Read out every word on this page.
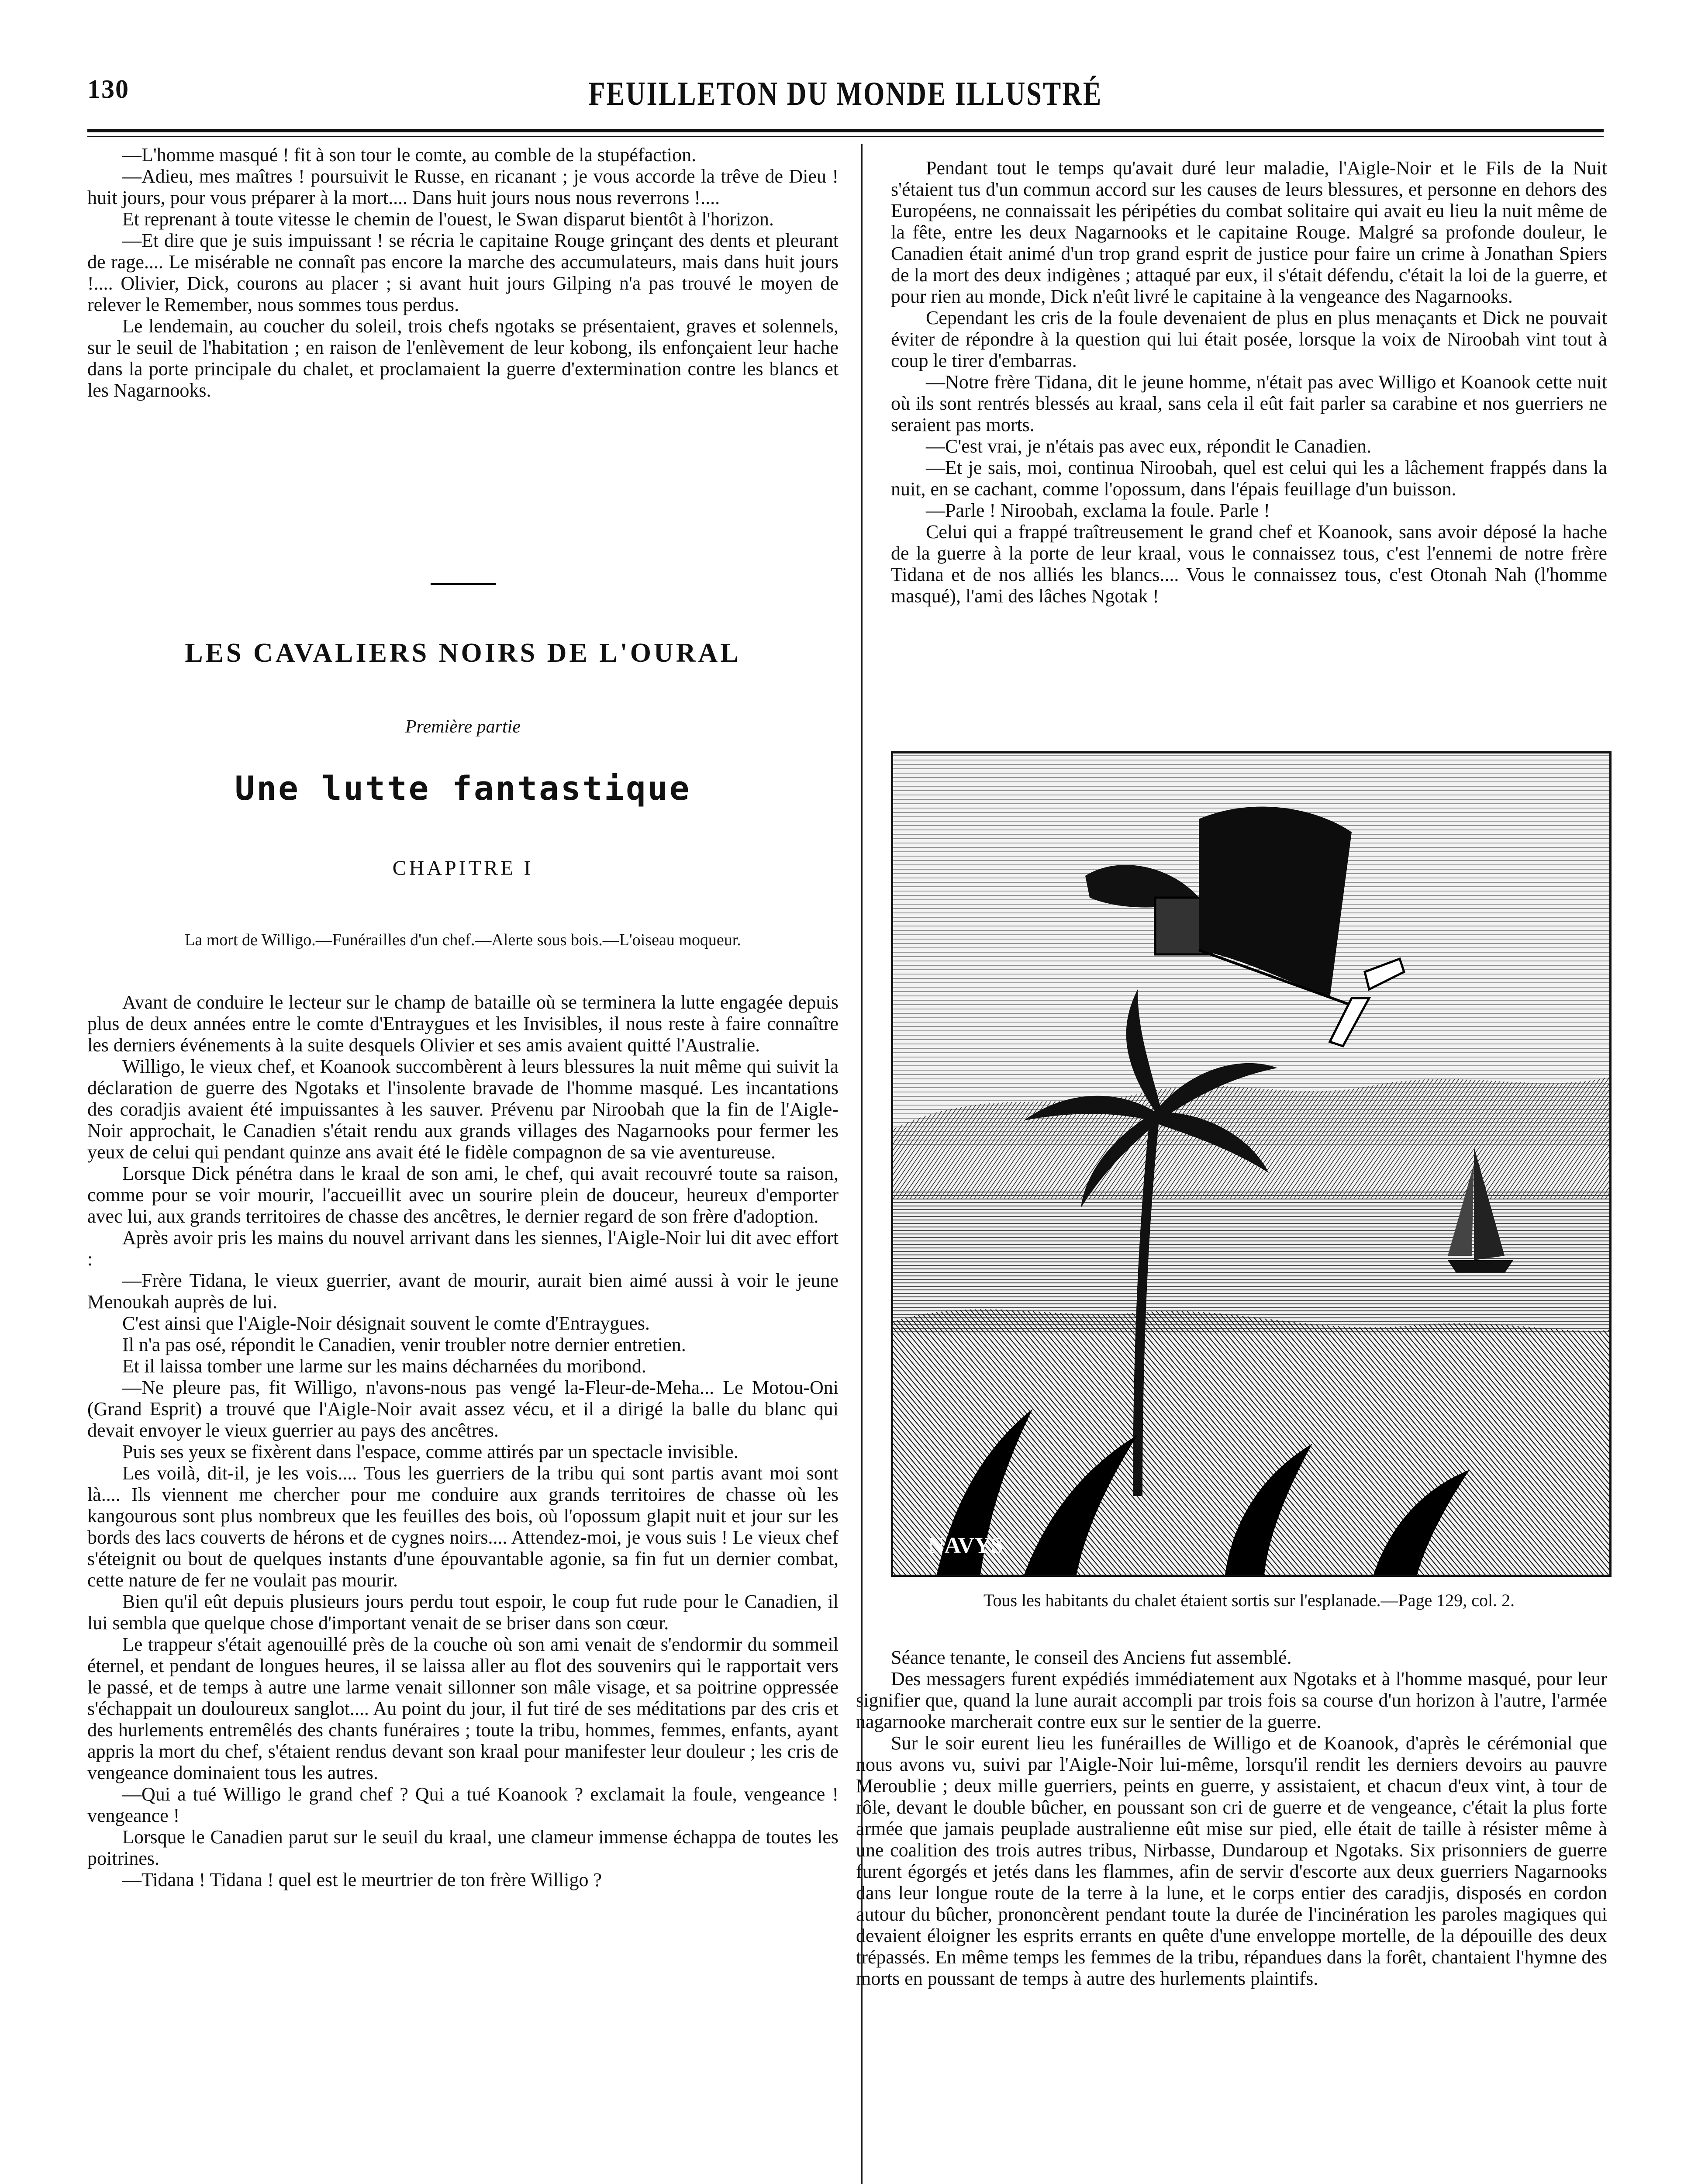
130	FEUILLETON DU MONDE ILLUSTRÉ

—L'homme masqué ! fit à son tour le comte, au comble de la stupéfaction.

—Adieu, mes maîtres ! poursuivit le Russe, en ricanant ; je vous accorde la trêve de Dieu ! huit jours, pour vous préparer à la mort.... Dans huit jours nous nous reverrons !....

Et reprenant à toute vitesse le chemin de l'ouest, le Swan disparut bientôt à l'horizon.

—Et dire que je suis impuissant ! se récria le capitaine Rouge grinçant des dents et pleurant de rage.... Le misérable ne connaît pas encore la marche des accumulateurs, mais dans huit jours !.... Olivier, Dick, courons au placer ; si avant huit jours Gilping n'a pas trouvé le moyen de relever le Remember, nous sommes tous perdus.

Le lendemain, au coucher du soleil, trois chefs ngotaks se présentaient, graves et solennels, sur le seuil de l'habitation ; en raison de l'enlèvement de leur kobong, ils enfonçaient leur hache dans la porte principale du chalet, et proclamaient la guerre d'extermination contre les blancs et les Nagarnooks.

LES CAVALIERS NOIRS DE L'OURAL
Première partie
Une lutte fantastique
CHAPITRE I
La mort de Willigo.—Funérailles d'un chef.—Alerte sous bois.—L'oiseau moqueur.

Avant de conduire le lecteur sur le champ de bataille où se terminera la lutte engagée depuis plus de deux années entre le comte d'Entraygues et les Invisibles, il nous reste à faire connaître les derniers événements à la suite desquels Olivier et ses amis avaient quitté l'Australie.

Willigo, le vieux chef, et Koanook succombèrent à leurs blessures la nuit même qui suivit la déclaration de guerre des Ngotaks et l'insolente bravade de l'homme masqué. Les incantations des coradjis avaient été impuissantes à les sauver. Prévenu par Niroobah que la fin de l'Aigle-Noir approchait, le Canadien s'était rendu aux grands villages des Nagarnooks pour fermer les yeux de celui qui pendant quinze ans avait été le fidèle compagnon de sa vie aventureuse.

Lorsque Dick pénétra dans le kraal de son ami, le chef, qui avait recouvré toute sa raison, comme pour se voir mourir, l'accueillit avec un sourire plein de douceur, heureux d'emporter avec lui, aux grands territoires de chasse des ancêtres, le dernier regard de son frère d'adoption.

Après avoir pris les mains du nouvel arrivant dans les siennes, l'Aigle-Noir lui dit avec effort :

—Frère Tidana, le vieux guerrier, avant de mourir, aurait bien aimé aussi à voir le jeune Menoukah auprès de lui.

C'est ainsi que l'Aigle-Noir désignait souvent le comte d'Entraygues.

Il n'a pas osé, répondit le Canadien, venir troubler notre dernier entretien.

Et il laissa tomber une larme sur les mains décharnées du moribond.

—Ne pleure pas, fit Willigo, n'avons-nous pas vengé la-Fleur-de-Meha... Le Motou-Oni (Grand Esprit) a trouvé que l'Aigle-Noir avait assez vécu, et il a dirigé la balle du blanc qui devait envoyer le vieux guerrier au pays des ancêtres.

Puis ses yeux se fixèrent dans l'espace, comme attirés par un spectacle invisible.

Les voilà, dit-il, je les vois.... Tous les guerriers de la tribu qui sont partis avant moi sont là.... Ils viennent me chercher pour me conduire aux grands territoires de chasse où les kangourous sont plus nombreux que les feuilles des bois, où l'opossum glapit nuit et jour sur les bords des lacs couverts de hérons et de cygnes noirs.... Attendez-moi, je vous suis ! Le vieux chef s'éteignit ou bout de quelques instants d'une épouvantable agonie, sa fin fut un dernier combat, cette nature de fer ne voulait pas mourir.

Bien qu'il eût depuis plusieurs jours perdu tout espoir, le coup fut rude pour le Canadien, il lui sembla que quelque chose d'important venait de se briser dans son cœur.

Le trappeur s'était agenouillé près de la couche où son ami venait de s'endormir du sommeil éternel, et pendant de longues heures, il se laissa aller au flot des souvenirs qui le rapportait vers le passé, et de temps à autre une larme venait sillonner son mâle visage, et sa poitrine oppressée s'échappait un douloureux sanglot.... Au point du jour, il fut tiré de ses méditations par des cris et des hurlements entremêlés des chants funéraires ; toute la tribu, hommes, femmes, enfants, ayant appris la mort du chef, s'étaient rendus devant son kraal pour manifester leur douleur ; les cris de vengeance dominaient tous les autres.

—Qui a tué Willigo le grand chef ? Qui a tué Koanook ? exclamait la foule, vengeance ! vengeance !

Lorsque le Canadien parut sur le seuil du kraal, une clameur immense échappa de toutes les poitrines.

—Tidana ! Tidana ! quel est le meurtrier de ton frère Willigo ?

Pendant tout le temps qu'avait duré leur maladie, l'Aigle-Noir et le Fils de la Nuit s'étaient tus d'un commun accord sur les causes de leurs blessures, et personne en dehors des Européens, ne connaissait les péripéties du combat solitaire qui avait eu lieu la nuit même de la fête, entre les deux Nagarnooks et le capitaine Rouge. Malgré sa profonde douleur, le Canadien était animé d'un trop grand esprit de justice pour faire un crime à Jonathan Spiers de la mort des deux indigènes ; attaqué par eux, il s'était défendu, c'était la loi de la guerre, et pour rien au monde, Dick n'eût livré le capitaine à la vengeance des Nagarnooks.

Cependant les cris de la foule devenaient de plus en plus menaçants et Dick ne pouvait éviter de répondre à la question qui lui était posée, lorsque la voix de Niroobah vint tout à coup le tirer d'embarras.

—Notre frère Tidana, dit le jeune homme, n'était pas avec Willigo et Koanook cette nuit où ils sont rentrés blessés au kraal, sans cela il eût fait parler sa carabine et nos guerriers ne seraient pas morts.

—C'est vrai, je n'étais pas avec eux, répondit le Canadien.

—Et je sais, moi, continua Niroobah, quel est celui qui les a lâchement frappés dans la nuit, en se cachant, comme l'opossum, dans l'épais feuillage d'un buisson.

—Parle ! Niroobah, exclama la foule. Parle !

Celui qui a frappé traîtreusement le grand chef et Koanook, sans avoir déposé la hache de la guerre à la porte de leur kraal, vous le connaissez tous, c'est l'ennemi de notre frère Tidana et de nos alliés les blancs.... Vous le connaissez tous, c'est Otonah Nah (l'homme masqué), l'ami des lâches Ngotak !

NAVYS
Tous les habitants du chalet étaient sortis sur l'esplanade.—Page 129, col. 2.

Séance tenante, le conseil des Anciens fut assemblé.

Des messagers furent expédiés immédiatement aux Ngotaks et à l'homme masqué, pour leur signifier que, quand la lune aurait accompli par trois fois sa course d'un horizon à l'autre, l'armée nagarnooke marcherait contre eux sur le sentier de la guerre.

Sur le soir eurent lieu les funérailles de Willigo et de Koanook, d'après le cérémonial que nous avons vu, suivi par l'Aigle-Noir lui-même, lorsqu'il rendit les derniers devoirs au pauvre Meroublie ; deux mille guerriers, peints en guerre, y assistaient, et chacun d'eux vint, à tour de rôle, devant le double bûcher, en poussant son cri de guerre et de vengeance, c'était la plus forte armée que jamais peuplade australienne eût mise sur pied, elle était de taille à résister même à une coalition des trois autres tribus, Nirbasse, Dundaroup et Ngotaks. Six prisonniers de guerre furent égorgés et jetés dans les flammes, afin de servir d'escorte aux deux guerriers Nagarnooks dans leur longue route de la terre à la lune, et le corps entier des caradjis, disposés en cordon autour du bûcher, prononcèrent pendant toute la durée de l'incinération les paroles magiques qui devaient éloigner les esprits errants en quête d'une enveloppe mortelle, de la dépouille des deux trépassés. En même temps les femmes de la tribu, répandues dans la forêt, chantaient l'hymne des morts en poussant de temps à autre des hurlements plaintifs.
